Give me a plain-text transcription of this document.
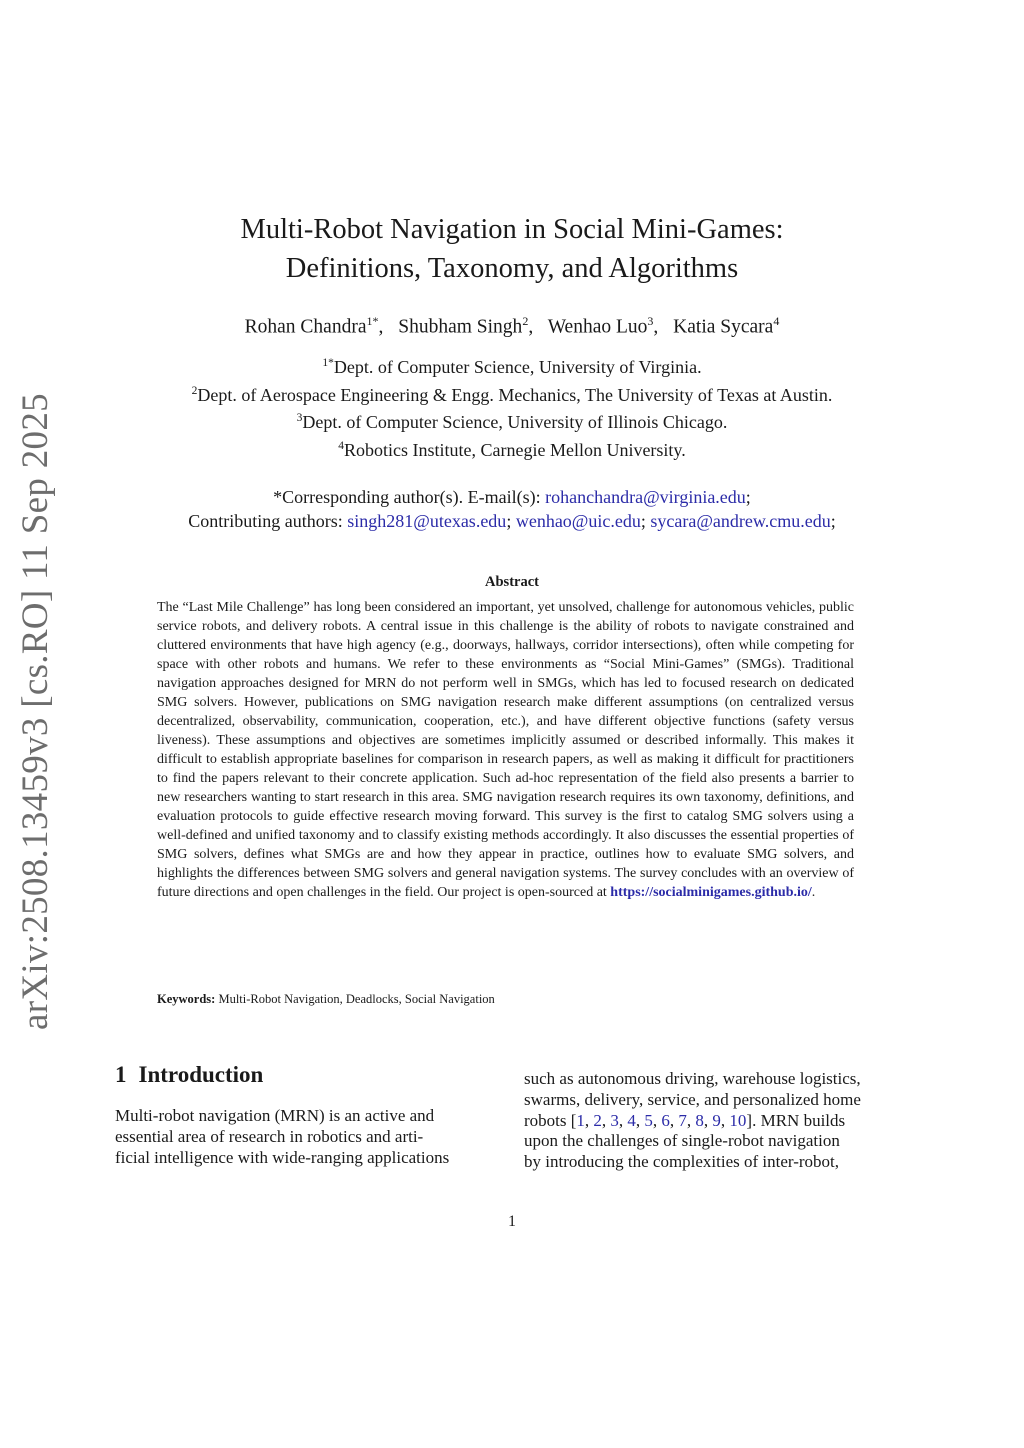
arXiv:2508.13459v3 [cs.RO] 11 Sep 2025
Multi-Robot Navigation in Social Mini-Games:
Definitions, Taxonomy, and Algorithms
Rohan Chandra$^{1*}$, Shubham Singh$^2$, Wenhao Luo$^3$, Katia Sycara$^4$
$^{1*}$Dept. of Computer Science, University of Virginia.
$^2$Dept. of Aerospace Engineering & Engg. Mechanics, The University of Texas at Austin.
$^3$Dept. of Computer Science, University of Illinois Chicago.
$^4$Robotics Institute, Carnegie Mellon University.
*Corresponding author(s). E-mail(s): rohanchandra@virginia.edu;
Contributing authors: singh281@utexas.edu; wenhao@uic.edu; sycara@andrew.cmu.edu;
Abstract
The “Last Mile Challenge” has long been considered an important, yet unsolved, challenge for autonomous vehicles, public service robots, and delivery robots. A central issue in this challenge is the ability of robots to navigate constrained and cluttered environments that have high agency (e.g., doorways, hallways, corridor intersections), often while competing for space with other robots and humans. We refer to these environments as “Social Mini-Games” (SMGs). Traditional navigation approaches designed for MRN do not perform well in SMGs, which has led to focused research on dedicated SMG solvers. However, publications on SMG navigation research make different assumptions (on centralized versus decentralized, observability, communication, cooperation, etc.), and have different objective functions (safety versus liveness). These assumptions and objectives are sometimes implicitly assumed or described informally. This makes it difficult to establish appropriate baselines for comparison in research papers, as well as making it difficult for practitioners to find the papers relevant to their concrete application. Such ad-hoc representation of the field also presents a barrier to new researchers wanting to start research in this area. SMG navigation research requires its own taxonomy, definitions, and evaluation protocols to guide effective research moving forward. This survey is the first to catalog SMG solvers using a well-defined and unified taxonomy and to classify existing methods accordingly. It also discusses the essential properties of SMG solvers, defines what SMGs are and how they appear in practice, outlines how to evaluate SMG solvers, and highlights the differences between SMG solvers and general navigation systems. The survey concludes with an overview of future directions and open challenges in the field. Our project is open-sourced at https://socialminigames.github.io/.
Keywords: Multi-Robot Navigation, Deadlocks, Social Navigation
1 Introduction
Multi-robot navigation (MRN) is an active and
essential area of research in robotics and arti-
ficial intelligence with wide-ranging applications
such as autonomous driving, warehouse logistics,
swarms, delivery, service, and personalized home
robots [1, 2, 3, 4, 5, 6, 7, 8, 9, 10]. MRN builds
upon the challenges of single-robot navigation
by introducing the complexities of inter-robot,
1
